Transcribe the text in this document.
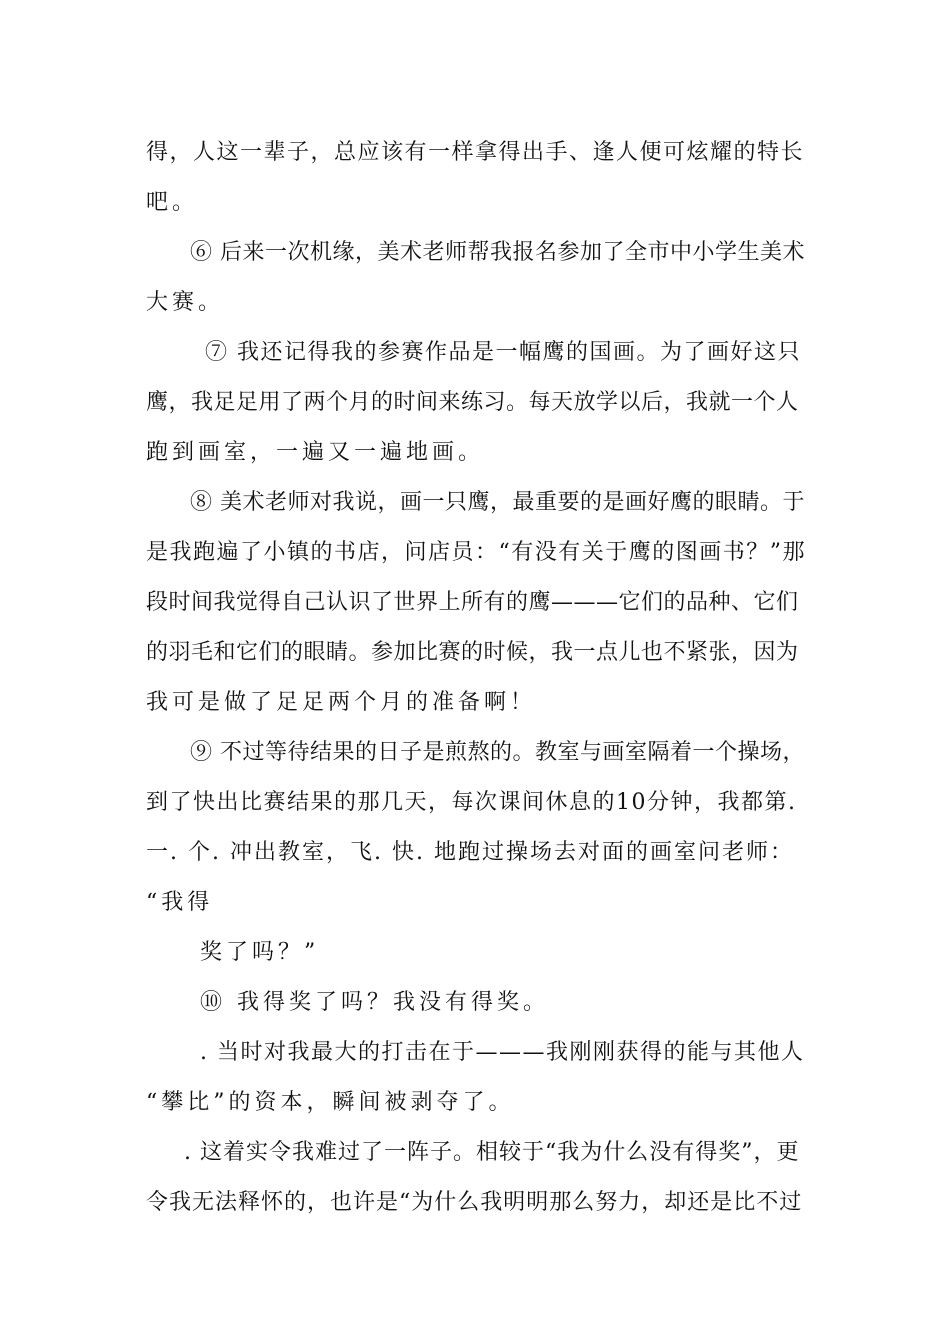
得，人这一辈子，总应该有一样拿得出手、逢人便可炫耀的特长
吧。
⑥ 后来一次机缘，美术老师帮我报名参加了全市中小学生美术
大赛。
⑦ 我还记得我的参赛作品是一幅鹰的国画。为了画好这只
鹰，我足足用了两个月的时间来练习。每天放学以后，我就一个人
跑到画室，一遍又一遍地画。
⑧ 美术老师对我说，画一只鹰，最重要的是画好鹰的眼睛。于
是我跑遍了小镇的书店，问店员：“有没有关于鹰的图画书？”那
段时间我觉得自己认识了世界上所有的鹰———它们的品种、它们
的羽毛和它们的眼睛。参加比赛的时候，我一点儿也不紧张，因为
我可是做了足足两个月的准备啊！
⑨ 不过等待结果的日子是煎熬的。教室与画室隔着一个操场，
到了快出比赛结果的那几天，每次课间休息的10分钟，我都第.
一. 个. 冲出教室，飞. 快. 地跑过操场去对面的画室问老师：
“我得
奖了吗？”
⑩ 我得奖了吗？我没有得奖。
. 当时对我最大的打击在于———我刚刚获得的能与其他人
“攀比”的资本，瞬间被剥夺了。
. 这着实令我难过了一阵子。相较于“我为什么没有得奖”，更
令我无法释怀的，也许是“为什么我明明那么努力，却还是比不过
